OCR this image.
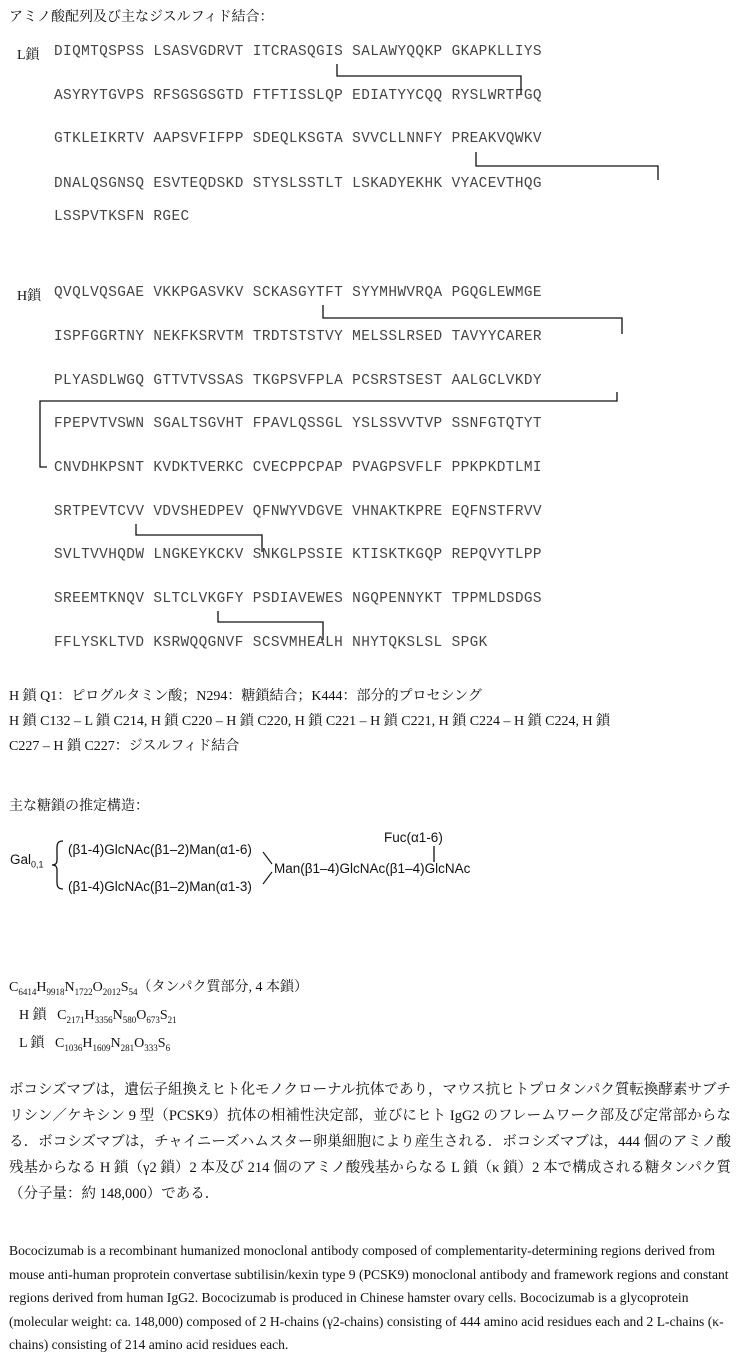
アミノ酸配列及び主なジスルフィド結合：
L鎖 DIQMTQSPSS LSASVGDRVT ITCRASQGIS SALAWYQQKP GKAPKLLIYS
ASYRYTGVPS RFSGSGSGTD FTFTISSLQP EDIATYYCQQ RYSLWRTFGQ
GTKLEIKRTV AAPSVFIFPP SDEQLKSGTA SVVCLLNNFY PREAKVQWKV
DNALQSGNSQ ESVTEQDSKD STYSLSSTLT LSKADYEKHK VYACEVTHQG
LSSPVTKSFN RGEC
H鎖 QVQLVQSGAE VKKPGASVKV SCKASGYTFT SYYMHWVRQA PGQGLEWMGE
ISPFGGRTNY NEKFKSRVTM TRDTSTSTVY MELSSLRSED TAVYYCARER
PLYASDLWGQ GTTVTVSSAS TKGPSVFPLA PCSRSTSEST AALGCLVKDY
FPEPVTVSWN SGALTSGVHT FPAVLQSSGL YSLSSVVTVP SSNFGTQTYT
CNVDHKPSNT KVDKTVERKC CVECPPCPAP PVAGPSVFLF PPKPKDTLMI
SRTPEVTCVV VDVSHEDPEV QFNWYVDGVE VHNAKTKPRE EQFNSTFRVV
SVLTVVHQDW LNGKEYKCKV SNKGLPSSIE KTISKTKGQP REPQVYTLPP
SREEMTKNQV SLTCLVKGFY PSDIAVEWES NGQPENNYKT TPPMLDSDGS
FFLYSKLTVD KSRWQQGNVF SCSVMHEALH NHYTQKSLSL SPGK
H 鎖 Q1：ピログルタミン酸；N294：糖鎖結合；K444：部分的プロセシング
H 鎖 C132 – L 鎖 C214, H 鎖 C220 – H 鎖 C220, H 鎖 C221 – H 鎖 C221, H 鎖 C224 – H 鎖 C224, H 鎖
C227 – H 鎖 C227：ジスルフィド結合
主な糖鎖の推定構造：
Gal$_{0,1}$
(β1-4)GlcNAc(β1–2)Man(α1-6)
(β1-4)GlcNAc(β1–2)Man(α1-3)
Man(β1–4)GlcNAc(β1–4)GlcNAc
Fuc(α1-6)
$C_{6414}H_{9918}N_{1722}O_{2012}S_{54}$（タンパク質部分, 4 本鎖）
H 鎖   $C_{2171}H_{3356}N_{580}O_{673}S_{21}$
L 鎖   $C_{1036}H_{1609}N_{281}O_{333}S_6$
ボコシズマブは，遺伝子組換えヒト化モノクローナル抗体であり，マウス抗ヒトプロタンパク質転換酵素サブチリシン／ケキシン 9 型（PCSK9）抗体の相補性決定部，並びにヒト IgG2 のフレームワーク部及び定常部からなる．ボコシズマブは，チャイニーズハムスター卵巣細胞により産生される．ボコシズマブは，444 個のアミノ酸残基からなる H 鎖（γ2 鎖）2 本及び 214 個のアミノ酸残基からなる L 鎖（κ 鎖）2 本で構成される糖タンパク質（分子量：約 148,000）である．
Bococizumab is a recombinant humanized monoclonal antibody composed of complementarity-determining regions derived from mouse anti-human proprotein convertase subtilisin/kexin type 9 (PCSK9) monoclonal antibody and framework regions and constant regions derived from human IgG2. Bococizumab is produced in Chinese hamster ovary cells. Bococizumab is a glycoprotein (molecular weight: ca. 148,000) composed of 2 H-chains (γ2-chains) consisting of 444 amino acid residues each and 2 L-chains (κ-chains) consisting of 214 amino acid residues each.
